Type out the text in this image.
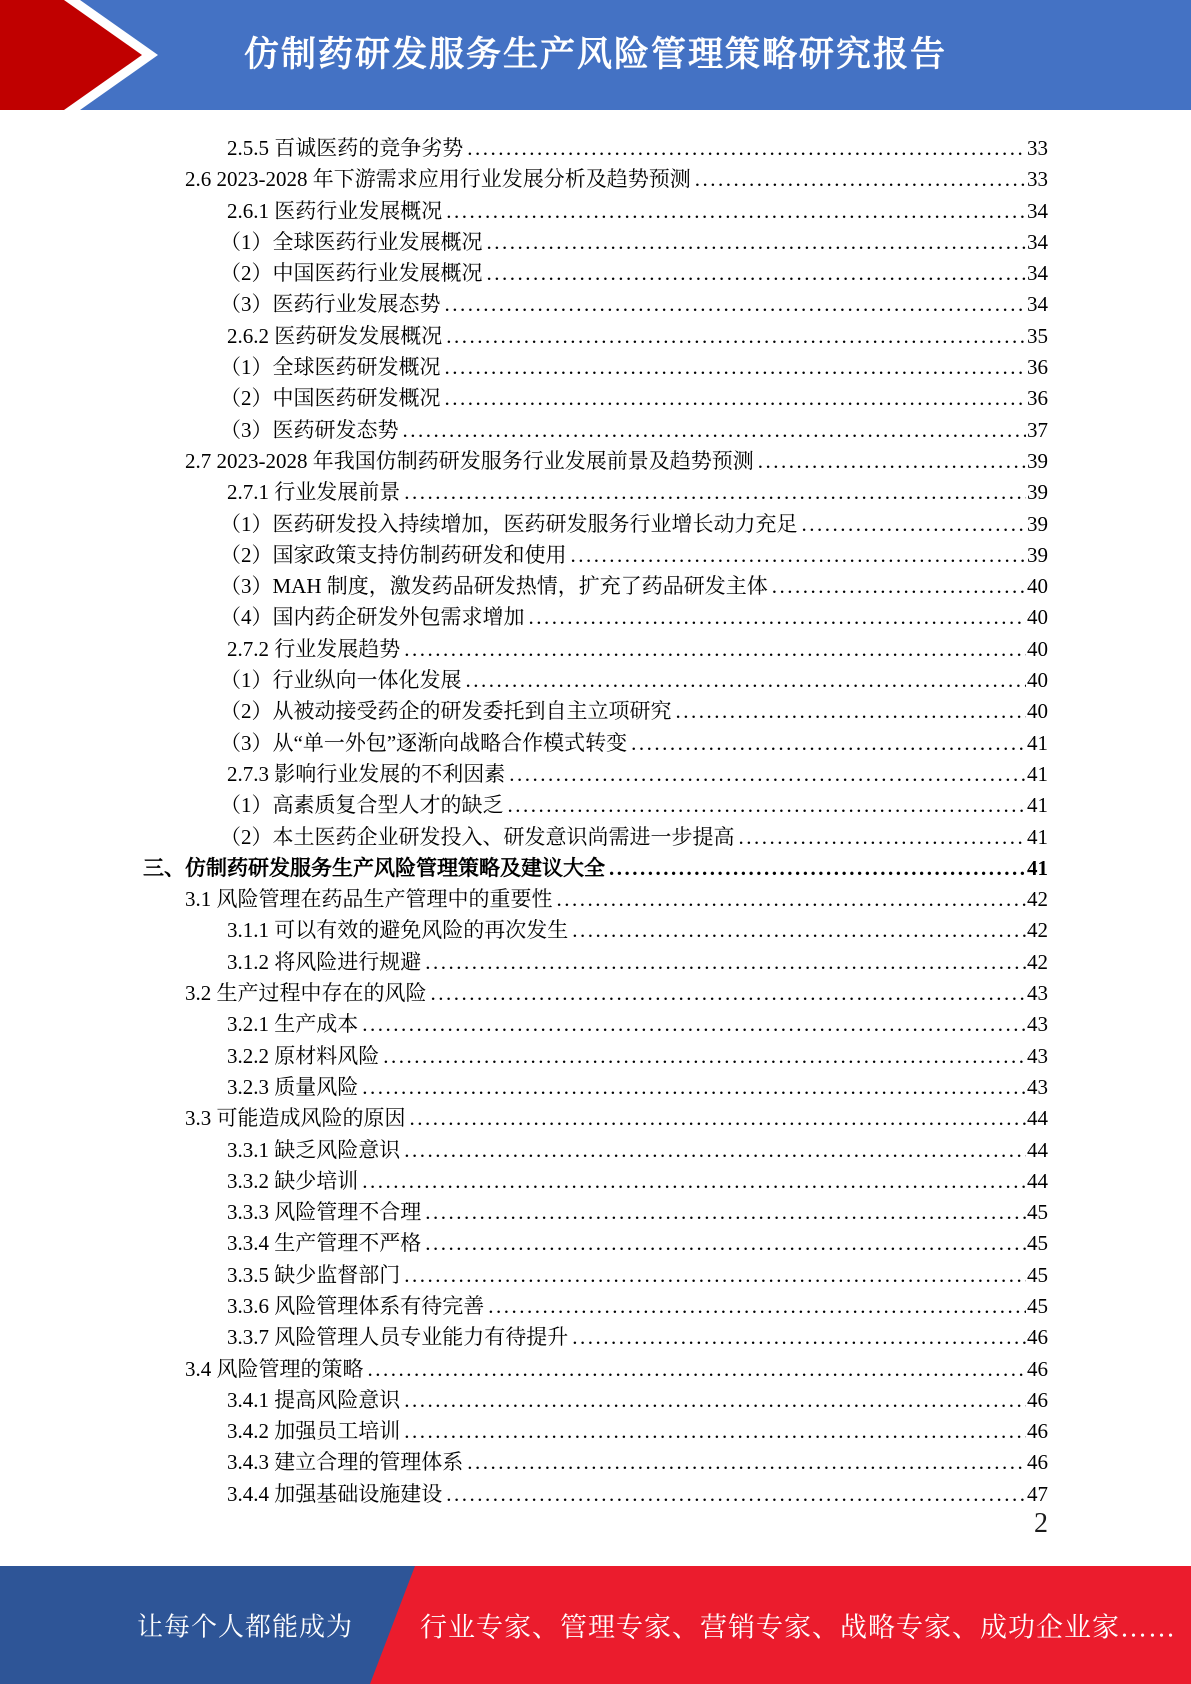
仿制药研发服务生产风险管理策略研究报告
2.5.5 百诚医药的竞争劣势 .....	33
2.6 2023-2028 年下游需求应用行业发展分析及趋势预测 .....	33
2.6.1 医药行业发展概况 .....	34
（1）全球医药行业发展概况 .....	34
（2）中国医药行业发展概况 .....	34
（3）医药行业发展态势 .....	34
2.6.2 医药研发发展概况 .....	35
（1）全球医药研发概况 .....	36
（2）中国医药研发概况 .....	36
（3）医药研发态势 .....	37
2.7 2023-2028 年我国仿制药研发服务行业发展前景及趋势预测 .....	39
2.7.1 行业发展前景 .....	39
（1）医药研发投入持续增加，医药研发服务行业增长动力充足 .....	39
（2）国家政策支持仿制药研发和使用 .....	39
（3）MAH 制度，激发药品研发热情，扩充了药品研发主体 .....	40
（4）国内药企研发外包需求增加 .....	40
2.7.2 行业发展趋势 .....	40
（1）行业纵向一体化发展 .....	40
（2）从被动接受药企的研发委托到自主立项研究 .....	40
（3）从“单一外包”逐渐向战略合作模式转变 .....	41
2.7.3 影响行业发展的不利因素 .....	41
（1）高素质复合型人才的缺乏 .....	41
（2）本土医药企业研发投入、研发意识尚需进一步提高 .....	41
三、仿制药研发服务生产风险管理策略及建议大全 .....	41
3.1 风险管理在药品生产管理中的重要性 .....	42
3.1.1 可以有效的避免风险的再次发生 .....	42
3.1.2 将风险进行规避 .....	42
3.2 生产过程中存在的风险 .....	43
3.2.1 生产成本 .....	43
3.2.2 原材料风险 .....	43
3.2.3 质量风险 .....	43
3.3 可能造成风险的原因 .....	44
3.3.1 缺乏风险意识 .....	44
3.3.2 缺少培训 .....	44
3.3.3 风险管理不合理 .....	45
3.3.4 生产管理不严格 .....	45
3.3.5 缺少监督部门 .....	45
3.3.6 风险管理体系有待完善 .....	45
3.3.7 风险管理人员专业能力有待提升 .....	46
3.4 风险管理的策略 .....	46
3.4.1 提高风险意识 .....	46
3.4.2 加强员工培训 .....	46
3.4.3 建立合理的管理体系 .....	46
3.4.4 加强基础设施建设 .....	47
2
让每个人都能成为	行业专家、管理专家、营销专家、战略专家、成功企业家……
